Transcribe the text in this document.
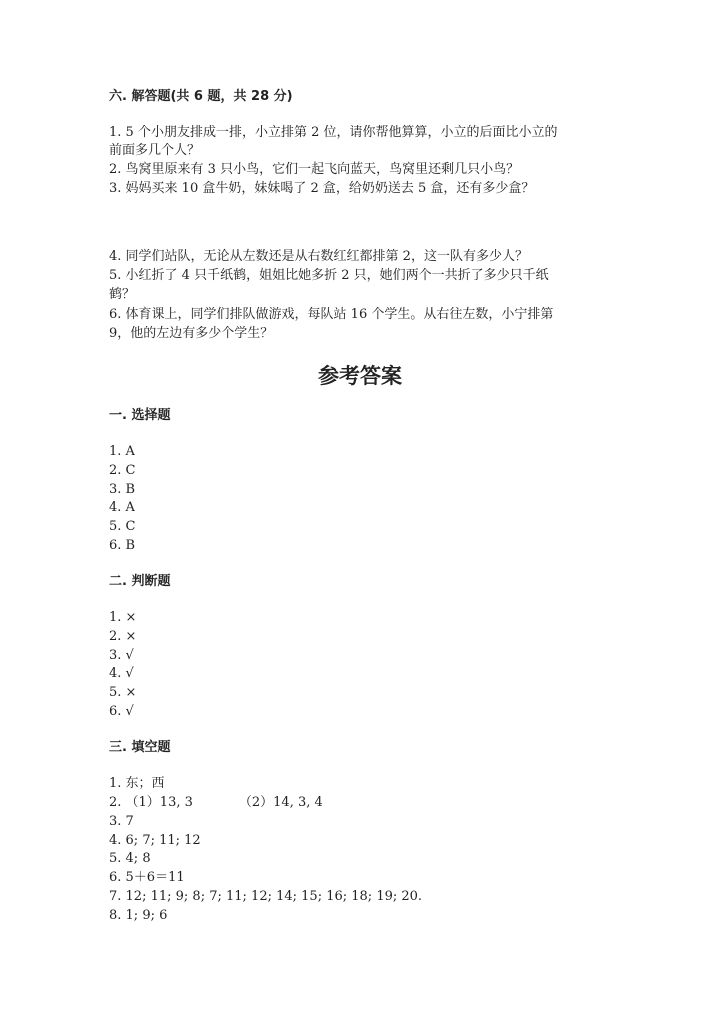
六. 解答题(共 6 题，共 28 分)

1. 5 个小朋友排成一排，小立排第 2 位，请你帮他算算，小立的后面比小立的

前面多几个人？

2. 鸟窝里原来有 3 只小鸟，它们一起飞向蓝天，鸟窝里还剩几只小鸟？

3. 妈妈买来 10 盒牛奶，妹妹喝了 2 盒，给奶奶送去 5 盒，还有多少盒？

4. 同学们站队，无论从左数还是从右数红红都排第 2，这一队有多少人？

5. 小红折了 4 只千纸鹤，姐姐比她多折 2 只，她们两个一共折了多少只千纸

鹤？

6. 体育课上，同学们排队做游戏，每队站 16 个学生。从右往左数，小宁排第

9，他的左边有多少个学生？

参考答案

一. 选择题

1. A

2. C

3. B

4. A

5. C

6. B

二. 判断题

1. ×

2. ×

3. √

4. √

5. ×

6. √

三. 填空题

1. 东；西

2. （1）13, 3	（2）14, 3, 4

3. 7

4. 6; 7; 11; 12

5. 4; 8

6. 5＋6＝11

7. 12; 11; 9; 8; 7; 11; 12; 14; 15; 16; 18; 19; 20.

8. 1; 9; 6
